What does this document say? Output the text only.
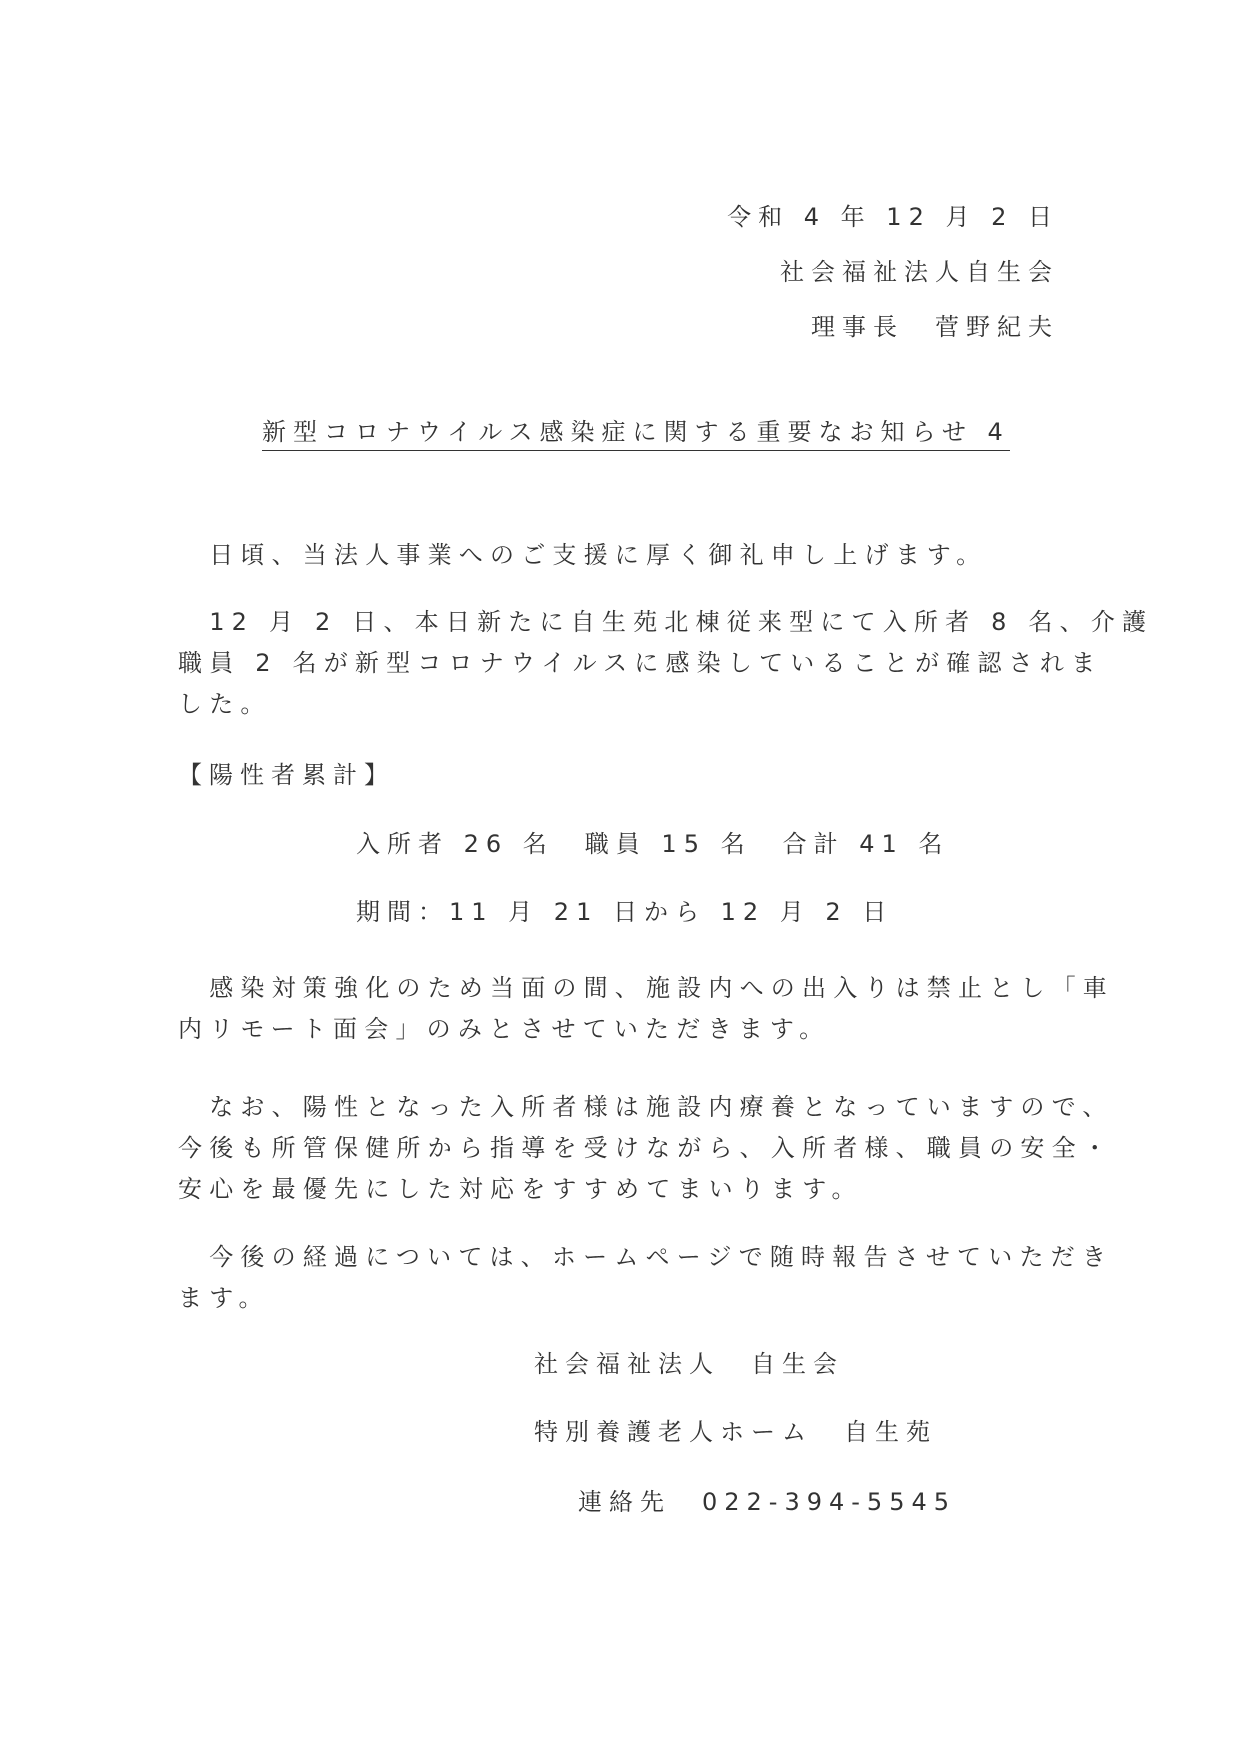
令和 4 年 12 月 2 日
社会福祉法人自生会
理事長　菅野紀夫
新型コロナウイルス感染症に関する重要なお知らせ 4
　日頃、当法人事業へのご支援に厚く御礼申し上げます。
　12 月 2 日、本日新たに自生苑北棟従来型にて入所者 8 名、介護
職員 2 名が新型コロナウイルスに感染していることが確認されま
した。
【陽性者累計】
入所者 26 名　職員 15 名　合計 41 名
期間：11 月 21 日から 12 月 2 日
　感染対策強化のため当面の間、施設内への出入りは禁止とし「車
内リモート面会」のみとさせていただきます。
　なお、陽性となった入所者様は施設内療養となっていますので、
今後も所管保健所から指導を受けながら、入所者様、職員の安全・
安心を最優先にした対応をすすめてまいります。
　今後の経過については、ホームページで随時報告させていただき
ます。
社会福祉法人　自生会
特別養護老人ホーム　自生苑
連絡先　022-394-5545
